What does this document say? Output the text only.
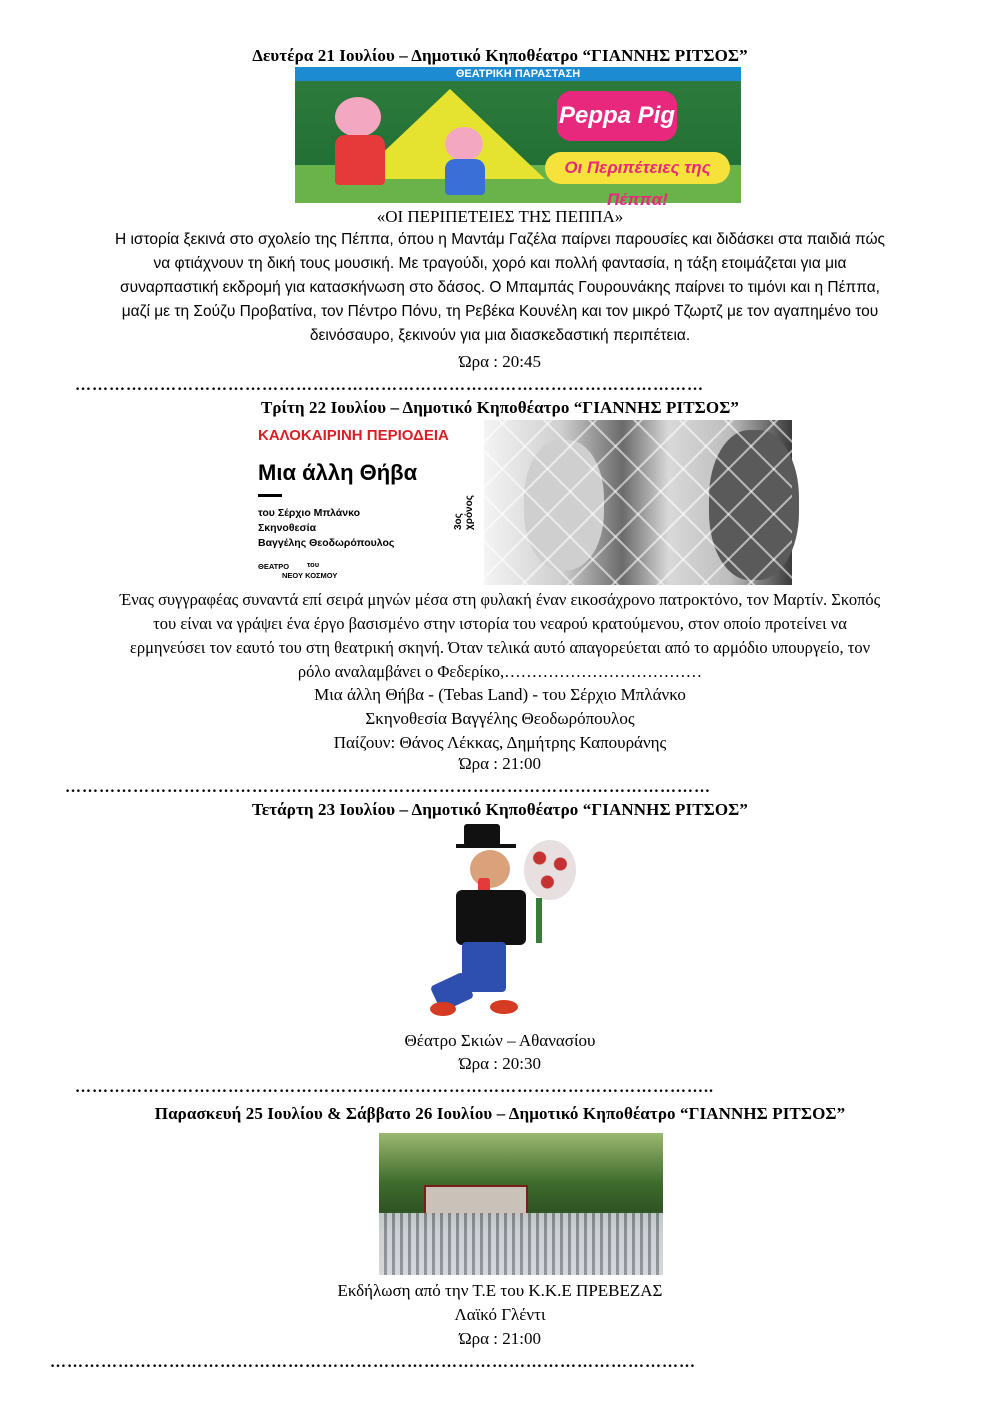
Δευτέρα 21 Ιουλίου – Δημοτικό Κηποθέατρο “ΓΙΑΝΝΗΣ ΡΙΤΣΟΣ”
ΘΕΑΤΡΙΚΗ ΠΑΡΑΣΤΑΣΗ
Peppa Pig
Οι Περιπέτειες της Πέππα!
«ΟΙ ΠΕΡΙΠΕΤΕΙΕΣ ΤΗΣ ΠΕΠΠΑ»
Η ιστορία ξεκινά στο σχολείο της Πέππα, όπου η Μαντάμ Γαζέλα παίρνει παρουσίες και διδάσκει στα παιδιά πώς
να φτιάχνουν τη δική τους μουσική. Με τραγούδι, χορό και πολλή φαντασία, η τάξη ετοιμάζεται για μια
συναρπαστική εκδρομή για κατασκήνωση στο δάσος. Ο Μπαμπάς Γουρουνάκης παίρνει το τιμόνι και η Πέππα,
μαζί με τη Σούζυ Προβατίνα, τον Πέντρο Πόνυ, τη Ρεβέκα Κουνέλη και τον μικρό Τζωρτζ με τον αγαπημένο του
δεινόσαυρο, ξεκινούν για μια διασκεδαστική περιπέτεια.
Ώρα : 20:45
…………………………………………………………………………………………………
Τρίτη 22 Ιουλίου – Δημοτικό Κηποθέατρο “ΓΙΑΝΝΗΣ ΡΙΤΣΟΣ”
ΚΑΛΟΚΑΙΡΙΝΗ ΠΕΡΙΟΔΕΙΑ
Μια άλλη Θήβα
του Σέρχιο Μπλάνκο
Σκηνοθεσία
Βαγγέλης Θεοδωρόπουλος
ΘΕΑΤΡΟ του
ΝΕΟΥ ΚΟΣΜΟΥ
3ος χρόνος
Ένας συγγραφέας συναντά επί σειρά μηνών μέσα στη φυλακή έναν εικοσάχρονο πατροκτόνο, τον Μαρτίν. Σκοπός
του είναι να γράψει ένα έργο βασισμένο στην ιστορία του νεαρού κρατούμενου, στον οποίο προτείνει να
ερμηνεύσει τον εαυτό του στη θεατρική σκηνή. Όταν τελικά αυτό απαγορεύεται από το αρμόδιο υπουργείο, τον
ρόλο αναλαμβάνει ο Φεδερίκο,………………………………
Μια άλλη Θήβα - (Tebas Land) - του Σέρχιο Μπλάνκο
Σκηνοθεσία Βαγγέλης Θεοδωρόπουλος
Παίζουν: Θάνος Λέκκας, Δημήτρης Καπουράνης
Ώρα : 21:00
……………………………………………………………………………………………………
Τετάρτη 23 Ιουλίου – Δημοτικό Κηποθέατρο “ΓΙΑΝΝΗΣ ΡΙΤΣΟΣ”
Θέατρο Σκιών – Αθανασίου
Ώρα : 20:30
…………………………………………………………………………………………………..
Παρασκευή 25 Ιουλίου & Σάββατο 26 Ιουλίου – Δημοτικό Κηποθέατρο “ΓΙΑΝΝΗΣ ΡΙΤΣΟΣ”
Εκδήλωση από την Τ.Ε του Κ.Κ.Ε ΠΡΕΒΕΖΑΣ
Λαϊκό Γλέντι
Ώρα : 21:00
……………………………………………………………………………………………………
